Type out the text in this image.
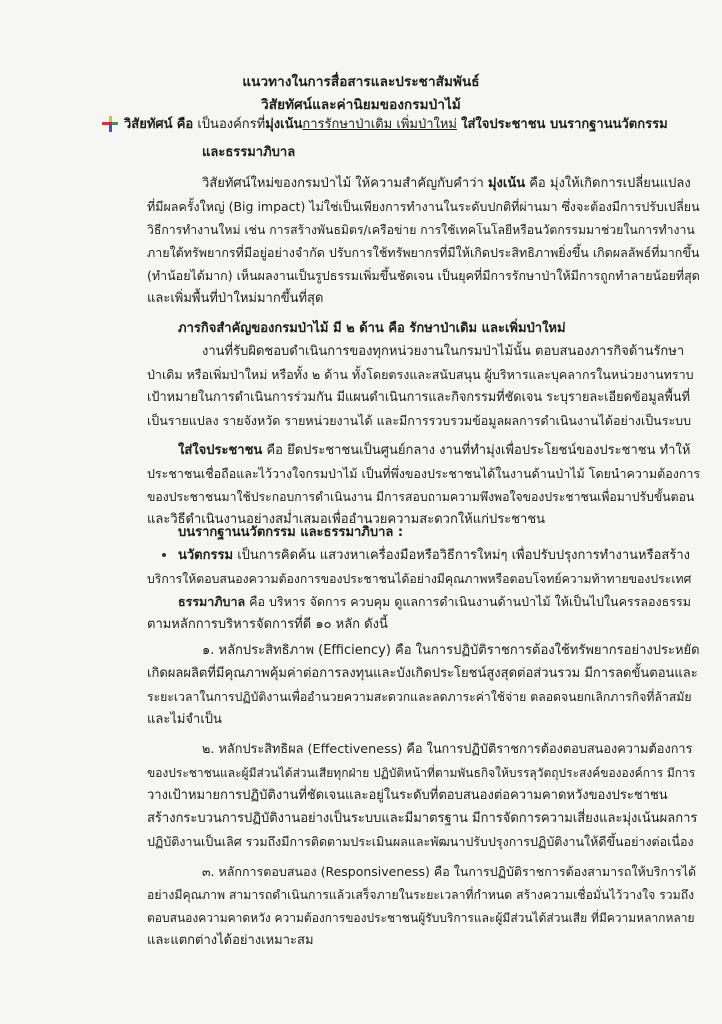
แนวทางในการสื่อสารและประชาสัมพันธ์
วิสัยทัศน์และค่านิยมของกรมป่าไม้
วิสัยทัศน์ คือ เป็นองค์กรที่มุ่งเน้นการรักษาป่าเดิม เพิ่มป่าใหม่ ใส่ใจประชาชน บนรากฐานนวัตกรรม
และธรรมาภิบาล
วิสัยทัศน์ใหม่ของกรมป่าไม้ ให้ความสำคัญกับคำว่า มุ่งเน้น คือ มุ่งให้เกิดการเปลี่ยนแปลง
ที่มีผลครั้งใหญ่ (Big impact) ไม่ใช่เป็นเพียงการทำงานในระดับปกติที่ผ่านมา ซึ่งจะต้องมีการปรับเปลี่ยน
วิธีการทำงานใหม่ เช่น การสร้างพันธมิตร/เครือข่าย การใช้เทคโนโลยีหรือนวัตกรรมมาช่วยในการทำงาน
ภายใต้ทรัพยากรที่มีอยู่อย่างจำกัด ปรับการใช้ทรัพยากรที่มีให้เกิดประสิทธิภาพยิ่งขึ้น เกิดผลลัพธ์ที่มากขึ้น
(ทำน้อยได้มาก) เห็นผลงานเป็นรูปธรรมเพิ่มขึ้นชัดเจน เป็นยุคที่มีการรักษาป่าให้มีการถูกทำลายน้อยที่สุด
และเพิ่มพื้นที่ป่าใหม่มากขึ้นที่สุด
ภารกิจสำคัญของกรมป่าไม้ มี ๒ ด้าน คือ รักษาป่าเดิม และเพิ่มป่าใหม่
งานที่รับผิดชอบดำเนินการของทุกหน่วยงานในกรมป่าไม้นั้น ตอบสนองภารกิจด้านรักษา
ป่าเดิม หรือเพิ่มป่าใหม่ หรือทั้ง ๒ ด้าน ทั้งโดยตรงและสนับสนุน ผู้บริหารและบุคลากรในหน่วยงานทราบ
เป้าหมายในการดำเนินการร่วมกัน มีแผนดำเนินการและกิจกรรมที่ชัดเจน ระบุรายละเอียดข้อมูลพื้นที่
เป็นรายแปลง รายจังหวัด รายหน่วยงานได้ และมีการรวบรวมข้อมูลผลการดำเนินงานได้อย่างเป็นระบบ
ใส่ใจประชาชน คือ ยึดประชาชนเป็นศูนย์กลาง งานที่ทำมุ่งเพื่อประโยชน์ของประชาชน ทำให้
ประชาชนเชื่อถือและไว้วางใจกรมป่าไม้ เป็นที่พึ่งของประชาชนได้ในงานด้านป่าไม้ โดยนำความต้องการ
ของประชาชนมาใช้ประกอบการดำเนินงาน มีการสอบถามความพึงพอใจของประชาชนเพื่อมาปรับขั้นตอน
และวิธีดำเนินงานอย่างสม่ำเสมอเพื่ออำนวยความสะดวกให้แก่ประชาชน
บนรากฐานนวัตกรรม และธรรมาภิบาล :
นวัตกรรม เป็นการคิดค้น แสวงหาเครื่องมือหรือวิธีการใหม่ๆ เพื่อปรับปรุงการทำงานหรือสร้าง
บริการให้ตอบสนองความต้องการของประชาชนได้อย่างมีคุณภาพหรือตอบโจทย์ความท้าทายของประเทศ
ธรรมาภิบาล คือ บริหาร จัดการ ควบคุม ดูแลการดำเนินงานด้านป่าไม้ ให้เป็นไปในครรลองธรรม
ตามหลักการบริหารจัดการที่ดี ๑๐ หลัก ดังนี้
๑. หลักประสิทธิภาพ (Efficiency) คือ ในการปฏิบัติราชการต้องใช้ทรัพยากรอย่างประหยัด
เกิดผลผลิตที่มีคุณภาพคุ้มค่าต่อการลงทุนและบังเกิดประโยชน์สูงสุดต่อส่วนรวม มีการลดขั้นตอนและ
ระยะเวลาในการปฏิบัติงานเพื่ออำนวยความสะดวกและลดภาระค่าใช้จ่าย ตลอดจนยกเลิกภารกิจที่ล้าสมัย
และไม่จำเป็น
๒. หลักประสิทธิผล (Effectiveness) คือ ในการปฏิบัติราชการต้องตอบสนองความต้องการ
ของประชาชนและผู้มีส่วนได้ส่วนเสียทุกฝ่าย ปฏิบัติหน้าที่ตามพันธกิจให้บรรลุวัตถุประสงค์ขององค์การ มีการ
วางเป้าหมายการปฏิบัติงานที่ชัดเจนและอยู่ในระดับที่ตอบสนองต่อความคาดหวังของประชาชน
สร้างกระบวนการปฏิบัติงานอย่างเป็นระบบและมีมาตรฐาน มีการจัดการความเสี่ยงและมุ่งเน้นผลการ
ปฏิบัติงานเป็นเลิศ รวมถึงมีการติดตามประเมินผลและพัฒนาปรับปรุงการปฏิบัติงานให้ดีขึ้นอย่างต่อเนื่อง
๓. หลักการตอบสนอง (Responsiveness) คือ ในการปฏิบัติราชการต้องสามารถให้บริการได้
อย่างมีคุณภาพ สามารถดำเนินการแล้วเสร็จภายในระยะเวลาที่กำหนด สร้างความเชื่อมั่นไว้วางใจ รวมถึง
ตอบสนองความคาดหวัง ความต้องการของประชาชนผู้รับบริการและผู้มีส่วนได้ส่วนเสีย ที่มีความหลากหลาย
และแตกต่างได้อย่างเหมาะสม
